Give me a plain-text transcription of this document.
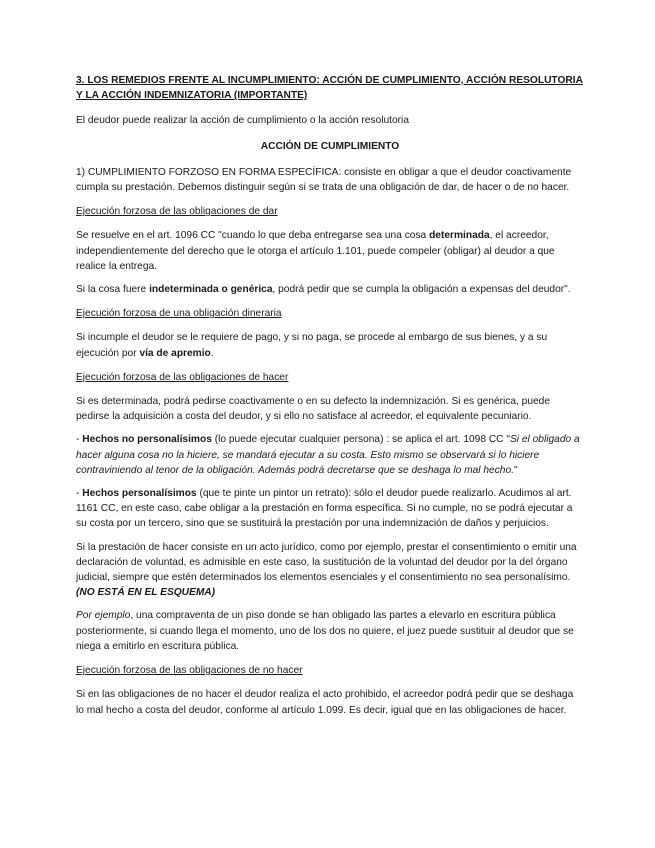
3. LOS REMEDIOS FRENTE AL INCUMPLIMIENTO: ACCIÓN DE CUMPLIMIENTO, ACCIÓN RESOLUTORIA Y LA ACCIÓN INDEMNIZATORIA (IMPORTANTE)

El deudor puede realizar la acción de cumplimiento o la acción resolutoria

ACCIÓN DE CUMPLIMIENTO

1) CUMPLIMIENTO FORZOSO EN FORMA ESPECÍFICA: consiste en obligar a que el deudor coactivamente cumpla su prestación. Debemos distinguir según si se trata de una obligación de dar, de hacer o de no hacer.

Ejecución forzosa de las obligaciones de dar

Se resuelve en el art. 1096 CC "cuando lo que deba entregarse sea una cosa determinada, el acreedor, independientemente del derecho que le otorga el artículo 1.101, puede compeler (obligar) al deudor a que realice la entrega.

Si la cosa fuere indeterminada o genérica, podrá pedir que se cumpla la obligación a expensas del deudor".

Ejecución forzosa de una obligación dineraria

Si incumple el deudor se le requiere de pago, y si no paga, se procede al embargo de sus bienes, y a su ejecución por vía de apremio.

Ejecución forzosa de las obligaciones de hacer

Si es determinada, podrá pedirse coactivamente o en su defecto la indemnización. Si es genérica, puede pedirse la adquisición a costa del deudor, y si ello no satisface al acreedor, el equivalente pecuniario.

- Hechos no personalísimos (lo puede ejecutar cualquier persona) : se aplica el art. 1098 CC "Si el obligado a hacer alguna cosa no la hiciere, se mandará ejecutar a su costa. Esto mismo se observará si lo hiciere contraviniendo al tenor de la obligación. Además podrá decretarse que se deshaga lo mal hecho."

- Hechos personalísimos (que te pinte un pintor un retrato): sólo el deudor puede realizarlo. Acudimos al art. 1161 CC, en este caso, cabe obligar a la prestación en forma específica. Si no cumple, no se podrá ejecutar a su costa por un tercero, sino que se sustituirá la prestación por una indemnización de daños y perjuicios.

Si la prestación de hacer consiste en un acto jurídico, como por ejemplo, prestar el consentimiento o emitir una declaración de voluntad, es admisible en este caso, la sustitución de la voluntad del deudor por la del órgano judicial, siempre que estén determinados los elementos esenciales y el consentimiento no sea personalísimo. (NO ESTÁ EN EL ESQUEMA)

Por ejemplo, una compraventa de un piso donde se han obligado las partes a elevarlo en escritura pública posteriormente, si cuando llega el momento, uno de los dos no quiere, el juez puede sustituir al deudor que se niega a emitirlo en escritura pública.

Ejecución forzosa de las obligaciones de no hacer

Si en las obligaciones de no hacer el deudor realiza el acto prohibido, el acreedor podrá pedir que se deshaga lo mal hecho a costa del deudor, conforme al artículo 1.099. Es decir, igual que en las obligaciones de hacer.
